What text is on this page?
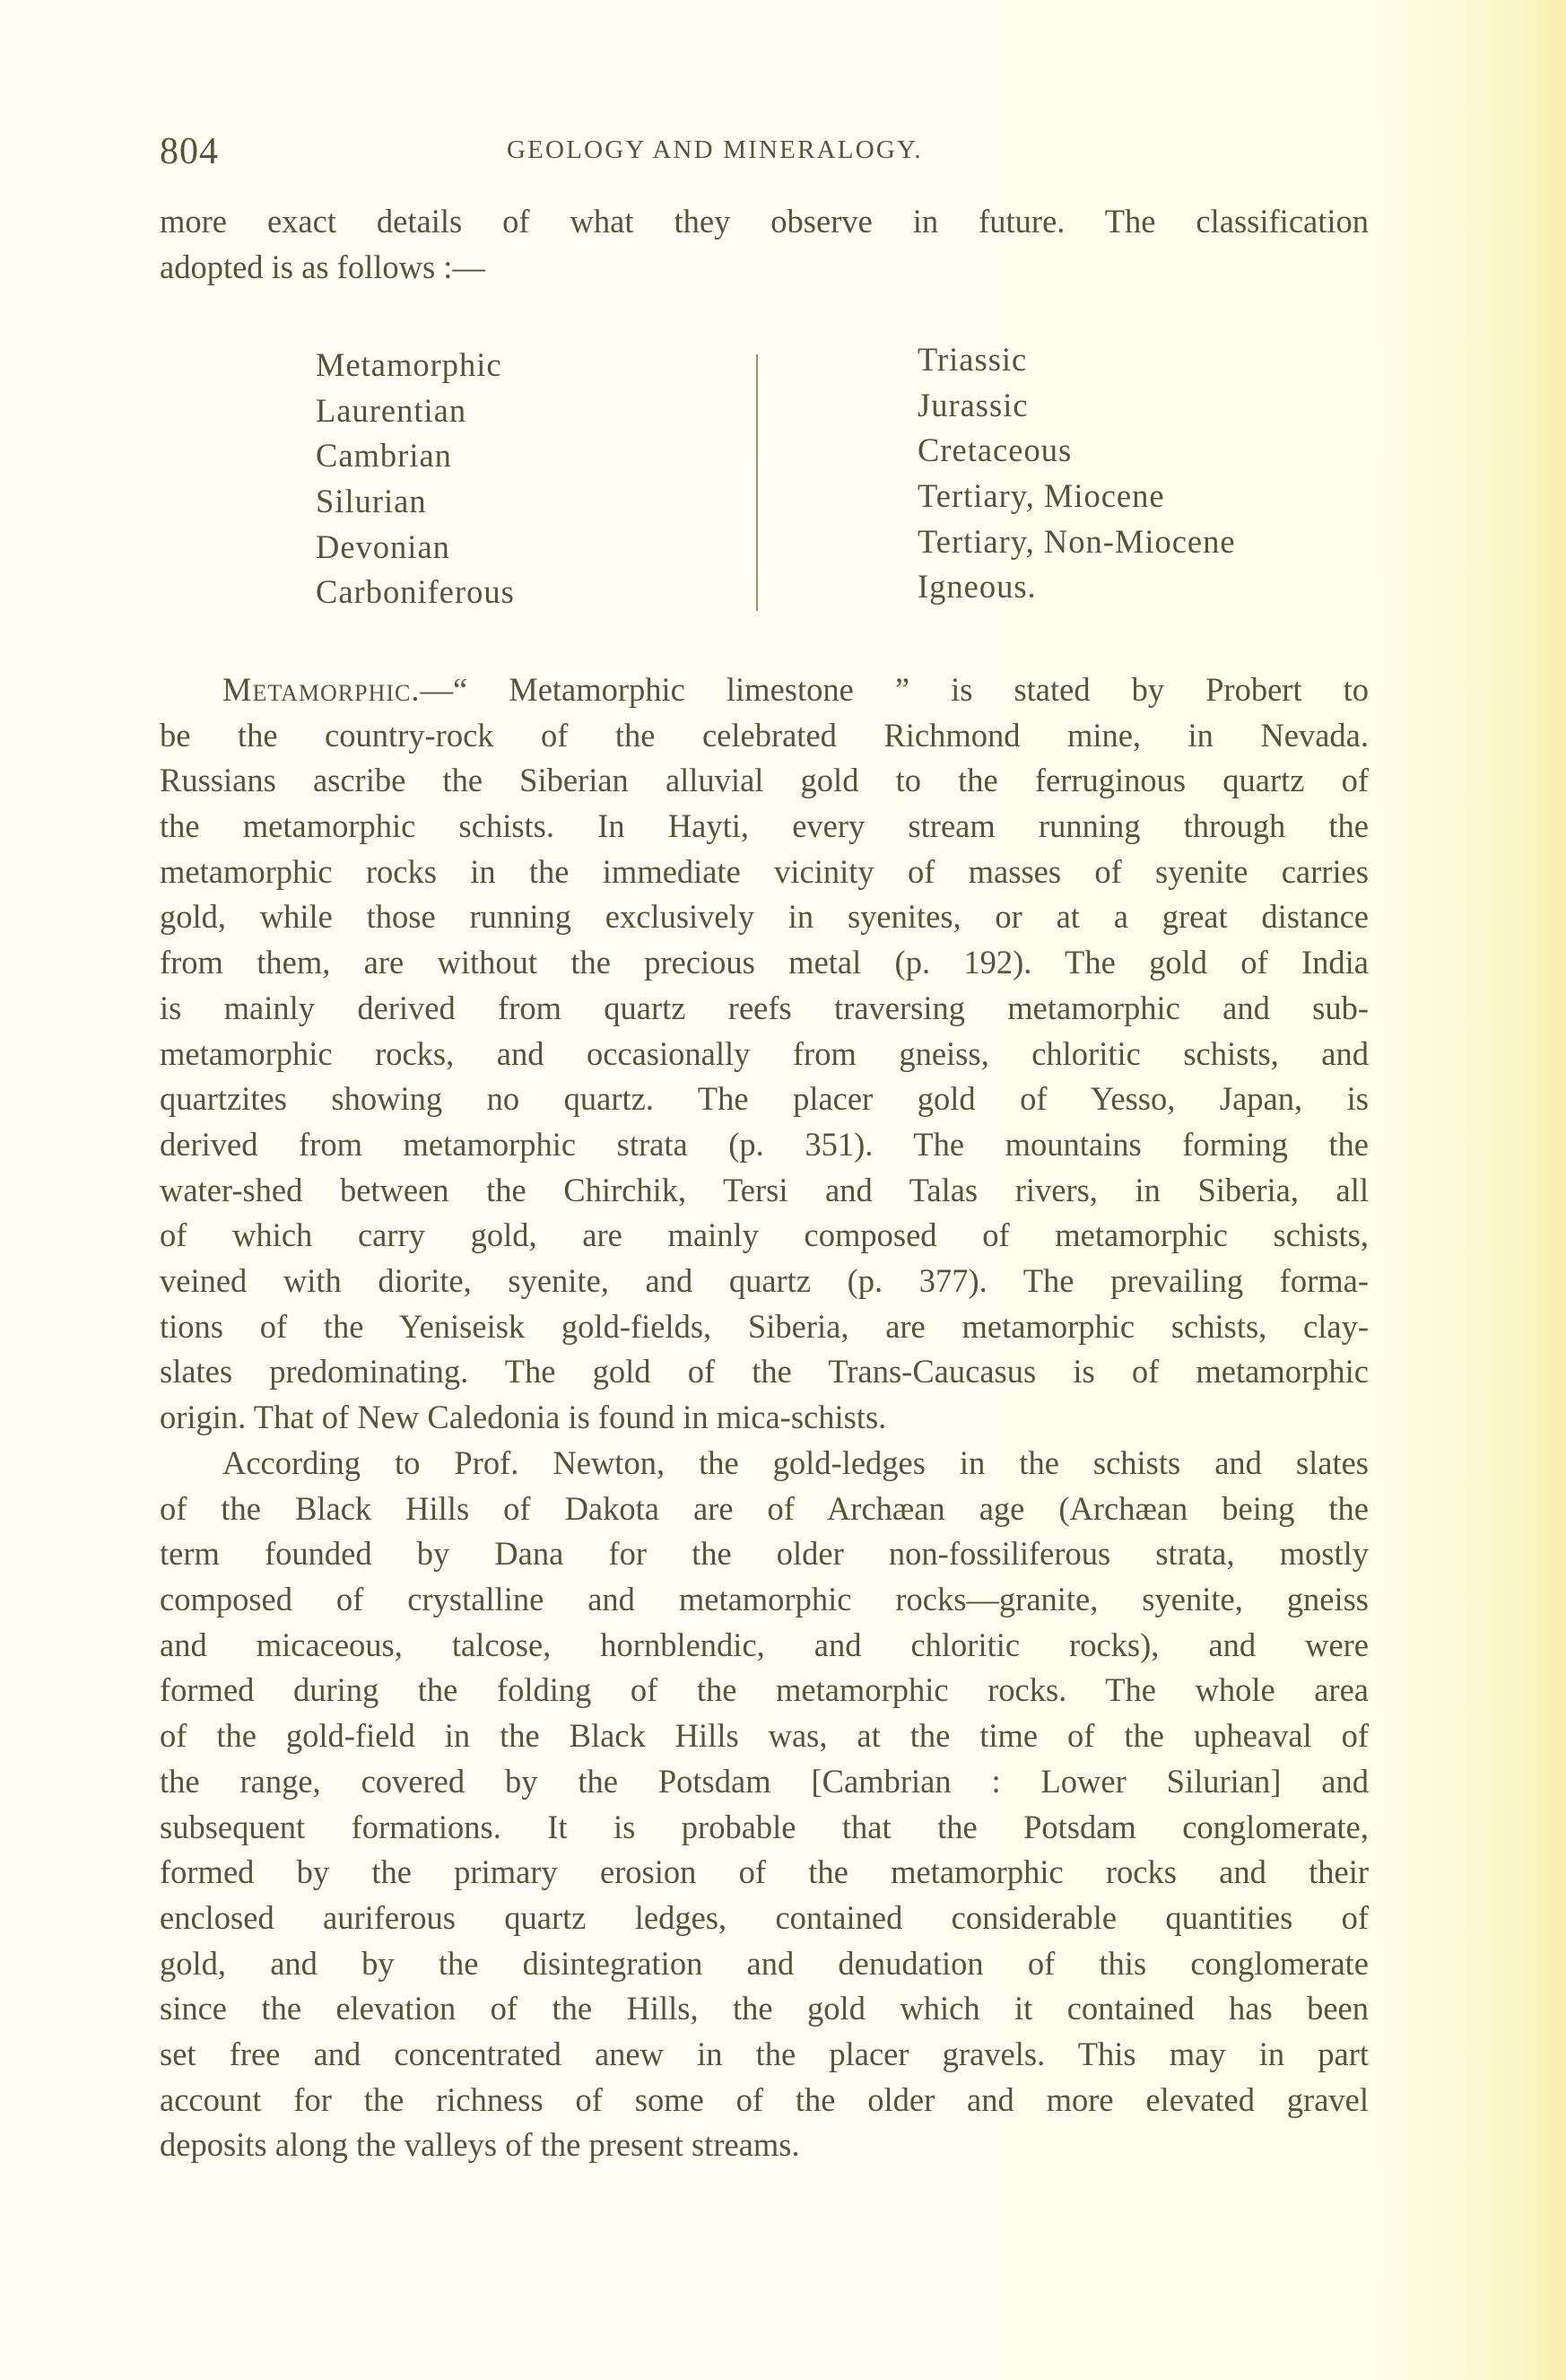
804	GEOLOGY AND MINERALOGY.
more exact details of what they observe in future. The classification
adopted is as follows :—
Metamorphic
Laurentian
Cambrian
Silurian
Devonian
Carboniferous
Triassic
Jurassic
Cretaceous
Tertiary, Miocene
Tertiary, Non-Miocene
Igneous.
Metamorphic.—“ Metamorphic limestone ” is stated by Probert to
be the country-rock of the celebrated Richmond mine, in Nevada.
Russians ascribe the Siberian alluvial gold to the ferruginous quartz of
the metamorphic schists. In Hayti, every stream running through the
metamorphic rocks in the immediate vicinity of masses of syenite carries
gold, while those running exclusively in syenites, or at a great distance
from them, are without the precious metal (p. 192). The gold of India
is mainly derived from quartz reefs traversing metamorphic and sub-
metamorphic rocks, and occasionally from gneiss, chloritic schists, and
quartzites showing no quartz. The placer gold of Yesso, Japan, is
derived from metamorphic strata (p. 351). The mountains forming the
water-shed between the Chirchik, Tersi and Talas rivers, in Siberia, all
of which carry gold, are mainly composed of metamorphic schists,
veined with diorite, syenite, and quartz (p. 377). The prevailing forma-
tions of the Yeniseisk gold-fields, Siberia, are metamorphic schists, clay-
slates predominating. The gold of the Trans-Caucasus is of metamorphic
origin. That of New Caledonia is found in mica-schists.
According to Prof. Newton, the gold-ledges in the schists and slates
of the Black Hills of Dakota are of Archæan age (Archæan being the
term founded by Dana for the older non-fossiliferous strata, mostly
composed of crystalline and metamorphic rocks—granite, syenite, gneiss
and micaceous, talcose, hornblendic, and chloritic rocks), and were
formed during the folding of the metamorphic rocks. The whole area
of the gold-field in the Black Hills was, at the time of the upheaval of
the range, covered by the Potsdam [Cambrian : Lower Silurian] and
subsequent formations. It is probable that the Potsdam conglomerate,
formed by the primary erosion of the metamorphic rocks and their
enclosed auriferous quartz ledges, contained considerable quantities of
gold, and by the disintegration and denudation of this conglomerate
since the elevation of the Hills, the gold which it contained has been
set free and concentrated anew in the placer gravels. This may in part
account for the richness of some of the older and more elevated gravel
deposits along the valleys of the present streams.
